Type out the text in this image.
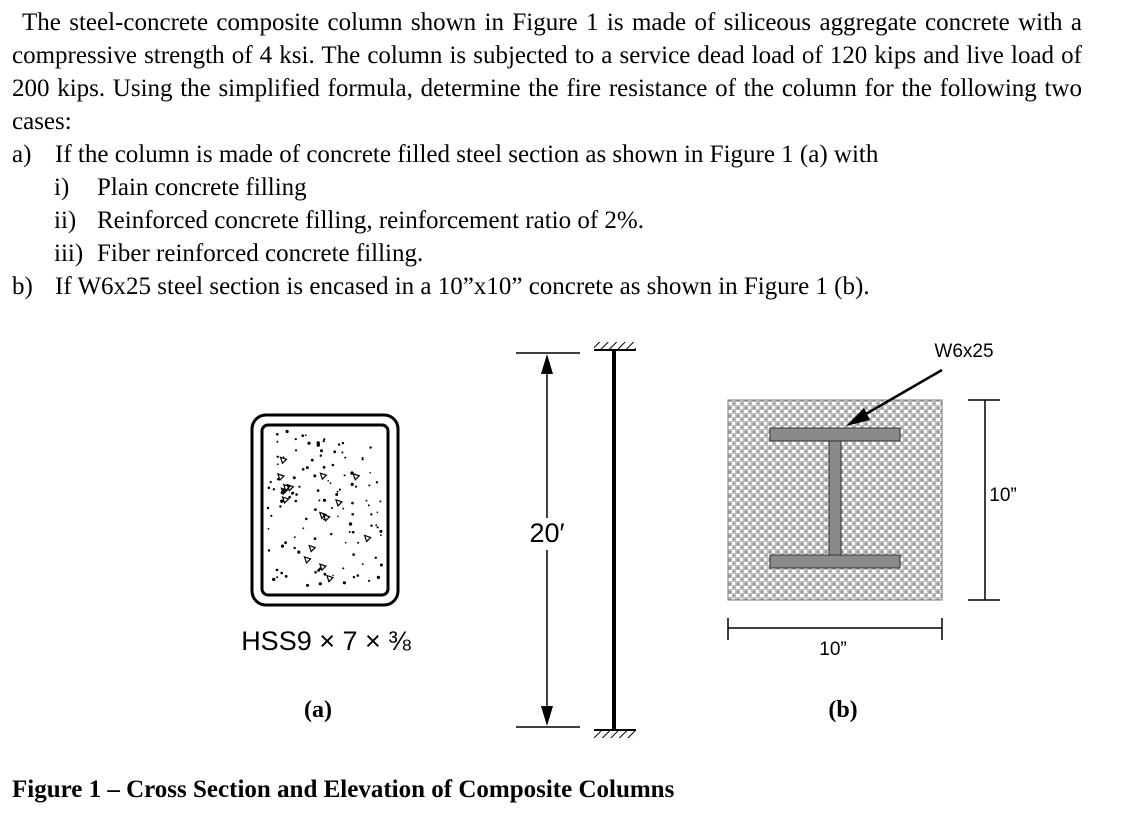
The steel-concrete composite column shown in Figure 1 is made of siliceous aggregate concrete with a compressive strength of 4 ksi. The column is subjected to a service dead load of 120 kips and live load of 200 kips. Using the simplified formula, determine the fire resistance of the column for the following two cases:

a) If the column is made of concrete filled steel section as shown in Figure 1 (a) with
i)	Plain concrete filling
ii) Reinforced concrete filling, reinforcement ratio of 2%.
iii) Fiber reinforced concrete filling.
b) If W6x25 steel section is encased in a 10”x10” concrete as shown in Figure 1 (b).
HSS9 × 7 × ⅜
(a)
20′
W6x25
10”
10”
(b)
Figure 1 – Cross Section and Elevation of Composite Columns
